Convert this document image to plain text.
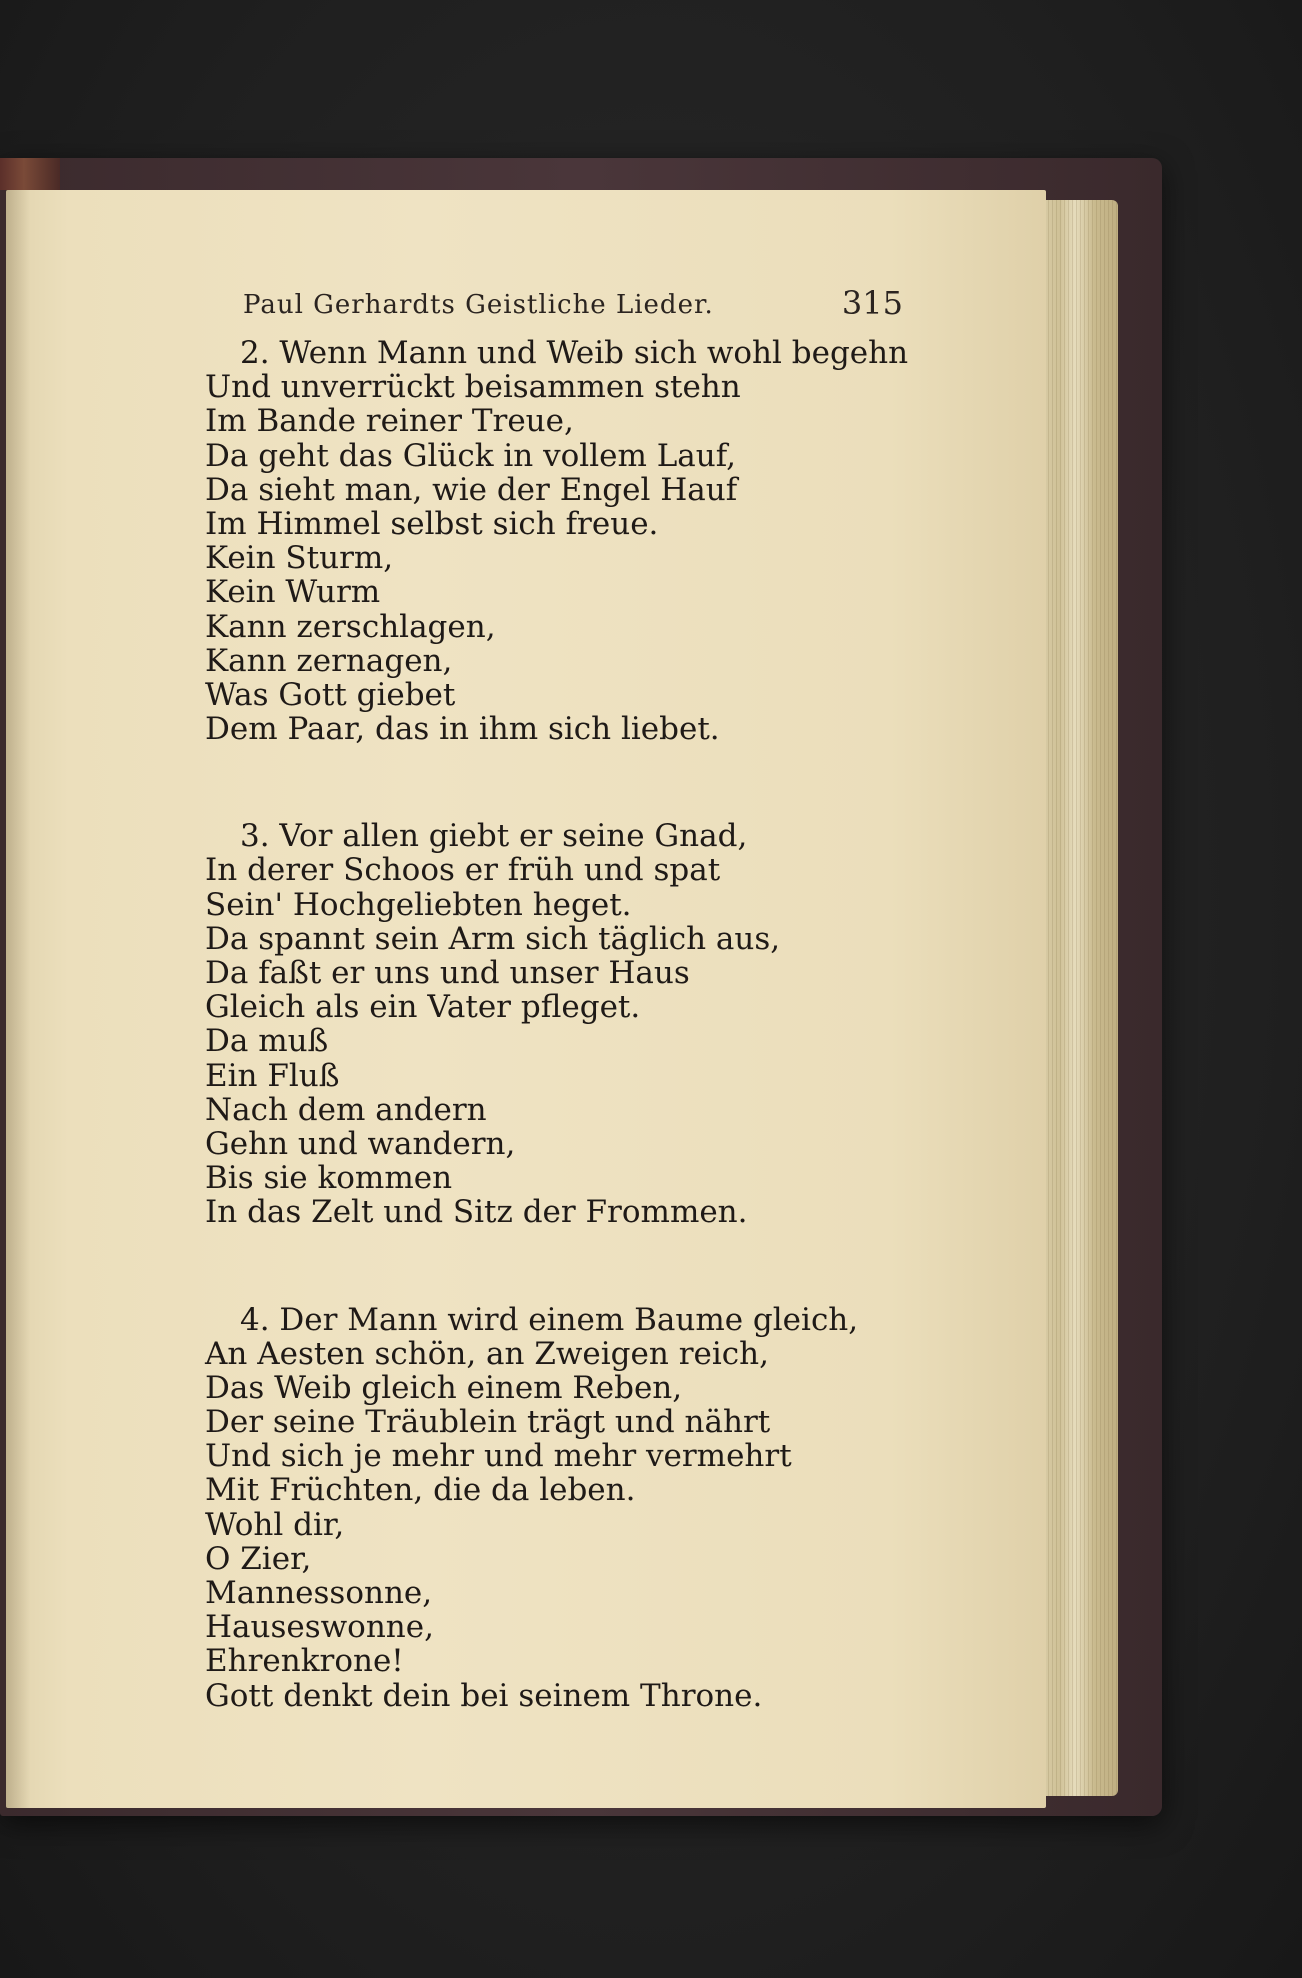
Paul Gerhardts Geistliche Lieder.	315
2. Wenn Mann und Weib sich wohl begehn
Und unverrückt beisammen stehn
Im Bande reiner Treue,
Da geht das Glück in vollem Lauf,
Da sieht man, wie der Engel Hauf
Im Himmel selbst sich freue.
Kein Sturm,
Kein Wurm
Kann zerschlagen,
Kann zernagen,
Was Gott giebet
Dem Paar, das in ihm sich liebet.
3. Vor allen giebt er seine Gnad,
In derer Schoos er früh und spat
Sein' Hochgeliebten heget.
Da spannt sein Arm sich täglich aus,
Da faßt er uns und unser Haus
Gleich als ein Vater pfleget.
Da muß
Ein Fluß
Nach dem andern
Gehn und wandern,
Bis sie kommen
In das Zelt und Sitz der Frommen.
4. Der Mann wird einem Baume gleich,
An Aesten schön, an Zweigen reich,
Das Weib gleich einem Reben,
Der seine Träublein trägt und nährt
Und sich je mehr und mehr vermehrt
Mit Früchten, die da leben.
Wohl dir,
O Zier,
Mannessonne,
Hauseswonne,
Ehrenkrone!
Gott denkt dein bei seinem Throne.
